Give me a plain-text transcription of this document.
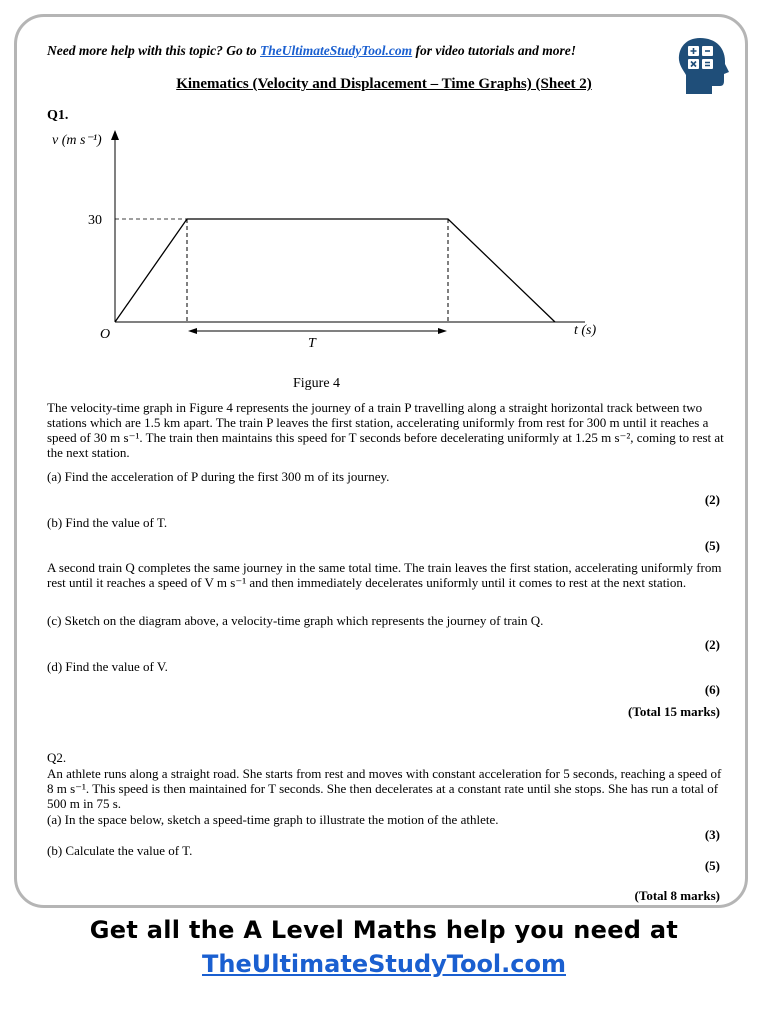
Need more help with this topic? Go to TheUltimateStudyTool.com for video tutorials and more!
Kinematics (Velocity and Displacement – Time Graphs) (Sheet 2)
Q1.
v (m s⁻¹)
30
O	t (s)
T
Figure 4
The velocity-time graph in Figure 4 represents the journey of a train P travelling along a straight horizontal track between two stations which are 1.5 km apart. The train P leaves the first station, accelerating uniformly from rest for 300 m until it reaches a speed of 30 m s⁻¹. The train then maintains this speed for T seconds before decelerating uniformly at 1.25 m s⁻², coming to rest at the next station.
(a) Find the acceleration of P during the first 300 m of its journey.
(2)
(b) Find the value of T.
(5)
A second train Q completes the same journey in the same total time. The train leaves the first station, accelerating uniformly from rest until it reaches a speed of V m s⁻¹ and then immediately decelerates uniformly until it comes to rest at the next station.
(c) Sketch on the diagram above, a velocity-time graph which represents the journey of train Q.
(2)
(d) Find the value of V.
(6)
(Total 15 marks)
Q2.
An athlete runs along a straight road. She starts from rest and moves with constant acceleration for 5 seconds, reaching a speed of 8 m s⁻¹. This speed is then maintained for T seconds. She then decelerates at a constant rate until she stops. She has run a total of 500 m in 75 s.
(a) In the space below, sketch a speed-time graph to illustrate the motion of the athlete.
(3)
(b) Calculate the value of T.
(5)
(Total 8 marks)
Get all the A Level Maths help you need at
TheUltimateStudyTool.com
